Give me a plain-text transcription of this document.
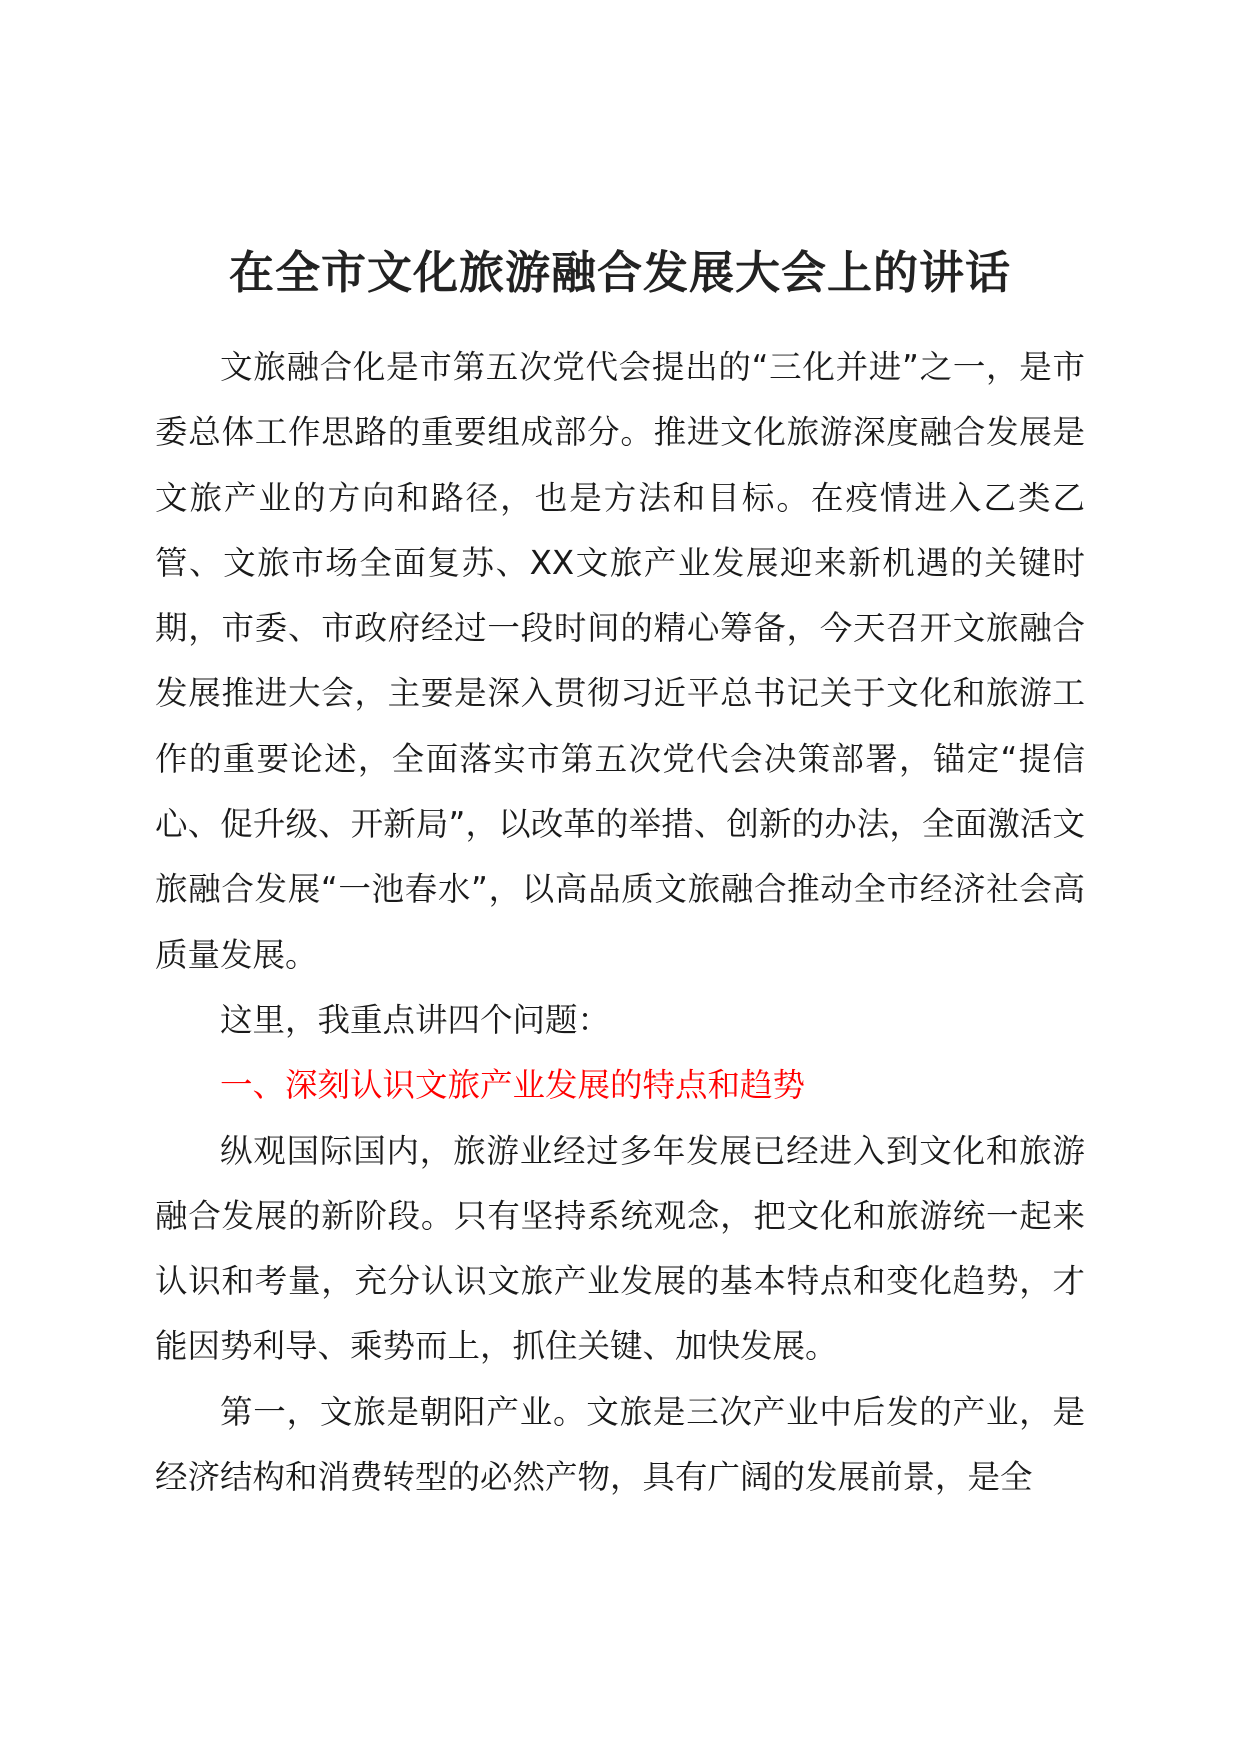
在全市文化旅游融合发展大会上的讲话

文旅融合化是市第五次党代会提出的“三化并进”之一，是市委总体工作思路的重要组成部分。推进文化旅游深度融合发展是文旅产业的方向和路径，也是方法和目标。在疫情进入乙类乙管、文旅市场全面复苏、XX文旅产业发展迎来新机遇的关键时期，市委、市政府经过一段时间的精心筹备，今天召开文旅融合发展推进大会，主要是深入贯彻习近平总书记关于文化和旅游工作的重要论述，全面落实市第五次党代会决策部署，锚定“提信心、促升级、开新局”，以改革的举措、创新的办法，全面激活文旅融合发展“一池春水”，以高品质文旅融合推动全市经济社会高质量发展。

这里，我重点讲四个问题：

一、深刻认识文旅产业发展的特点和趋势

纵观国际国内，旅游业经过多年发展已经进入到文化和旅游融合发展的新阶段。只有坚持系统观念，把文化和旅游统一起来认识和考量，充分认识文旅产业发展的基本特点和变化趋势，才能因势利导、乘势而上，抓住关键、加快发展。

第一，文旅是朝阳产业。文旅是三次产业中后发的产业，是经济结构和消费转型的必然产物，具有广阔的发展前景，是全
